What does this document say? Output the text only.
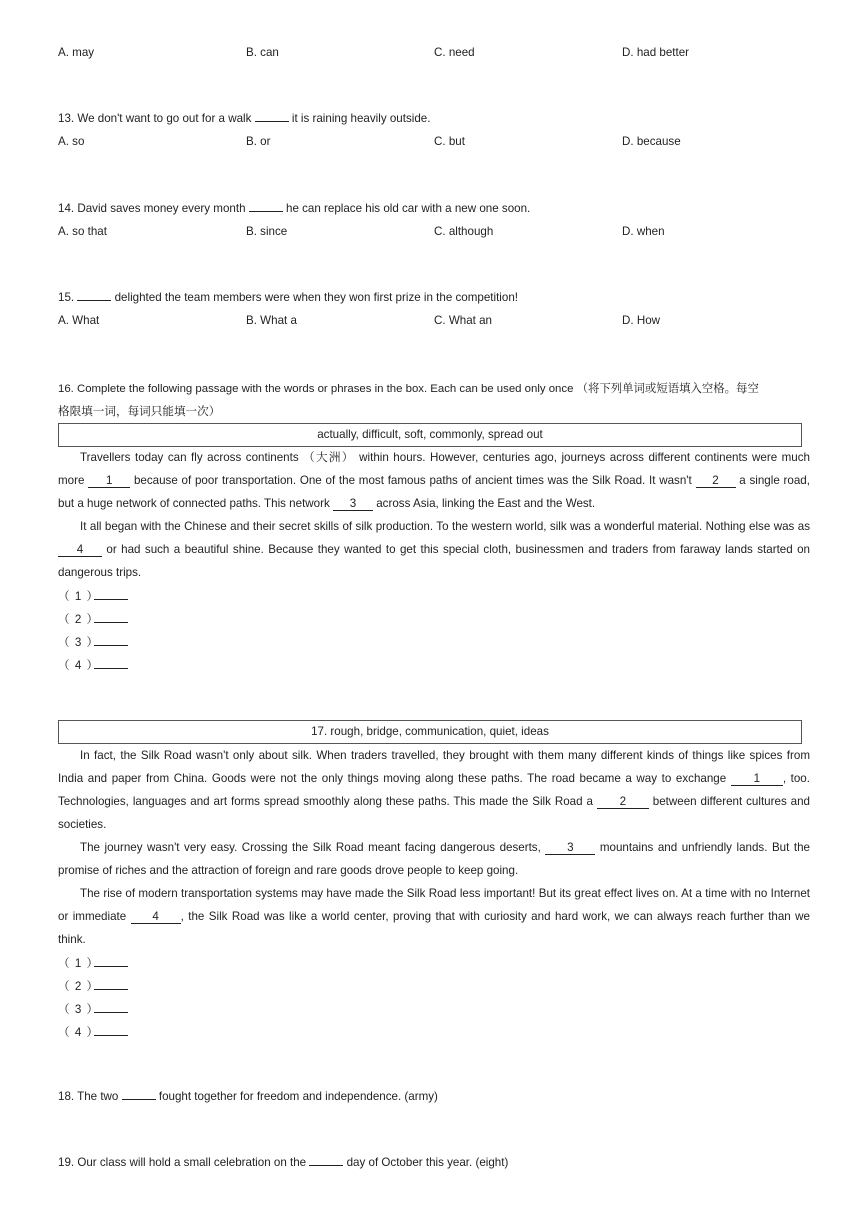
A. may	B. can	C. need	D. had better
13. We don't want to go out for a walk	it is raining heavily outside.
A. so	B. or	C. but	D. because
14. David saves money every month	he can replace his old car with a new one soon.
A. so that	B. since	C. although	D. when
15.	delighted the team members were when they won first prize in the competition!
A. What	B. What a	C. What an	D. How
16. Complete the following passage with the words or phrases in the box. Each can be used only once （将下列单词或短语填入空格。每空
格限填一词，每词只能填一次）
actually, difficult, soft, commonly, spread out
Travellers today can fly across continents （大洲） within hours. However, centuries ago, journeys across different continents were much more 1 because of poor transportation. One of the most famous paths of ancient times was the Silk Road. It wasn't 2 a single road, but a huge network of connected paths. This network 3 across Asia, linking the East and the West.
It all began with the Chinese and their secret skills of silk production. To the western world, silk was a wonderful material. Nothing else was as 4 or had such a beautiful shine. Because they wanted to get this special cloth, businessmen and traders from faraway lands started on dangerous trips.
（ 1 ）
（ 2 ）
（ 3 ）
（ 4 ）
17. rough, bridge, communication, quiet, ideas
In fact, the Silk Road wasn't only about silk. When traders travelled, they brought with them many different kinds of things like spices from India and paper from China. Goods were not the only things moving along these paths. The road became a way to exchange 1 , too. Technologies, languages and art forms spread smoothly along these paths. This made the Silk Road a 2 between different cultures and societies.
The journey wasn't very easy. Crossing the Silk Road meant facing dangerous deserts, 3 mountains and unfriendly lands. But the promise of riches and the attraction of foreign and rare goods drove people to keep going.
The rise of modern transportation systems may have made the Silk Road less important! But its great effect lives on. At a time with no Internet or immediate 4 , the Silk Road was like a world center, proving that with curiosity and hard work, we can always reach further than we think.
（ 1 ）
（ 2 ）
（ 3 ）
（ 4 ）
18. The two	fought together for freedom and independence. (army)
19. Our class will hold a small celebration on the	day of October this year. (eight)
